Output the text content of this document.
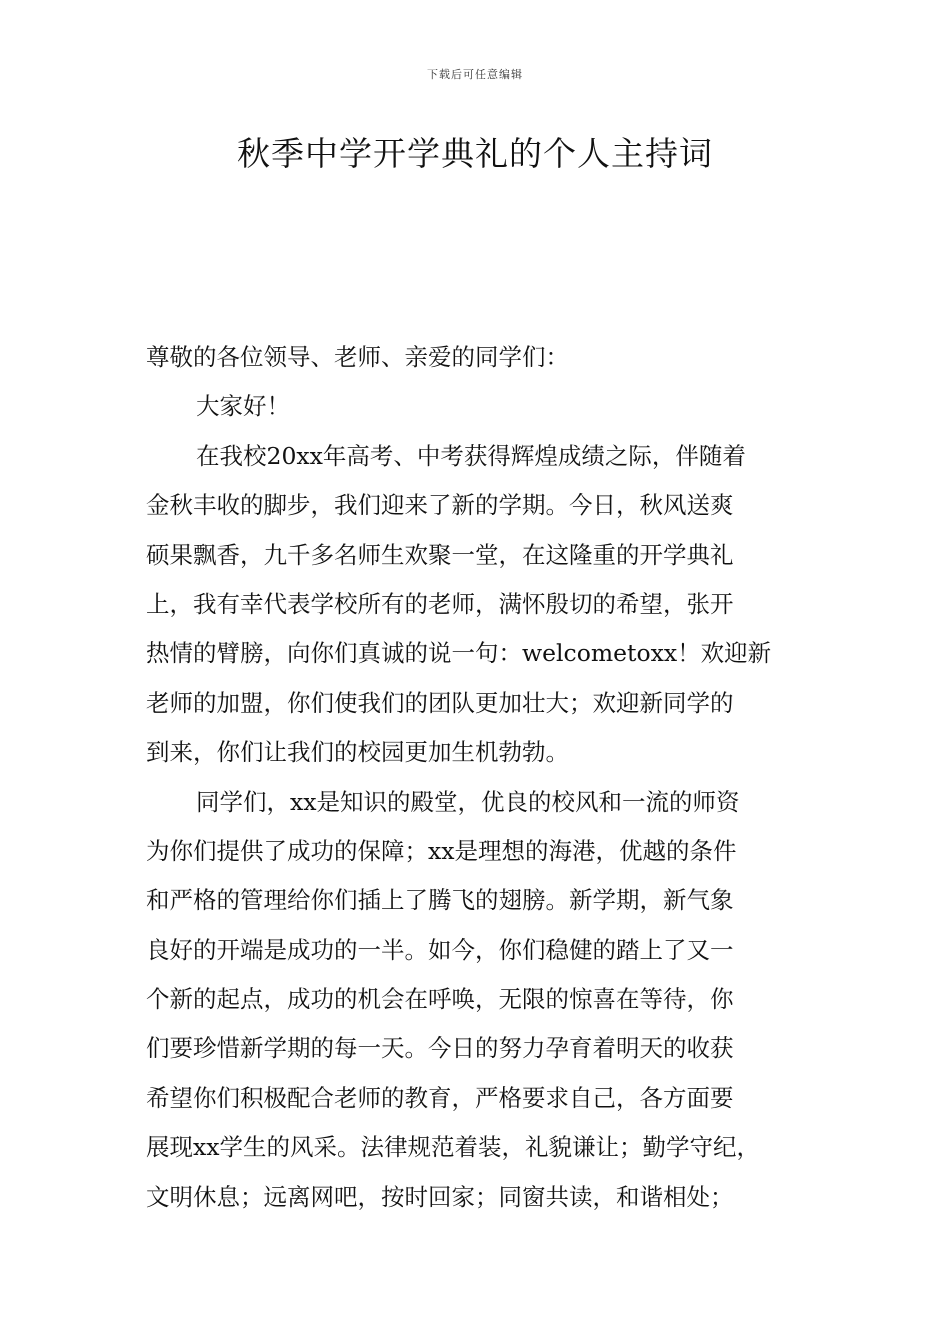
下载后可任意编辑
秋季中学开学典礼的个人主持词
尊敬的各位领导、老师、亲爱的同学们：
大家好！
在我校20xx年高考、中考获得辉煌成绩之际，伴随着
金秋丰收的脚步，我们迎来了新的学期。今日，秋风送爽
硕果飘香，九千多名师生欢聚一堂，在这隆重的开学典礼
上，我有幸代表学校所有的老师，满怀殷切的希望，张开
热情的臂膀，向你们真诚的说一句：welcometoxx！欢迎新
老师的加盟，你们使我们的团队更加壮大；欢迎新同学的
到来，你们让我们的校园更加生机勃勃。
同学们，xx是知识的殿堂，优良的校风和一流的师资
为你们提供了成功的保障；xx是理想的海港，优越的条件
和严格的管理给你们插上了腾飞的翅膀。新学期，新气象
良好的开端是成功的一半。如今，你们稳健的踏上了又一
个新的起点，成功的机会在呼唤，无限的惊喜在等待，你
们要珍惜新学期的每一天。今日的努力孕育着明天的收获
希望你们积极配合老师的教育，严格要求自己，各方面要
展现xx学生的风采。法律规范着装，礼貌谦让；勤学守纪，
文明休息；远离网吧，按时回家；同窗共读，和谐相处；
